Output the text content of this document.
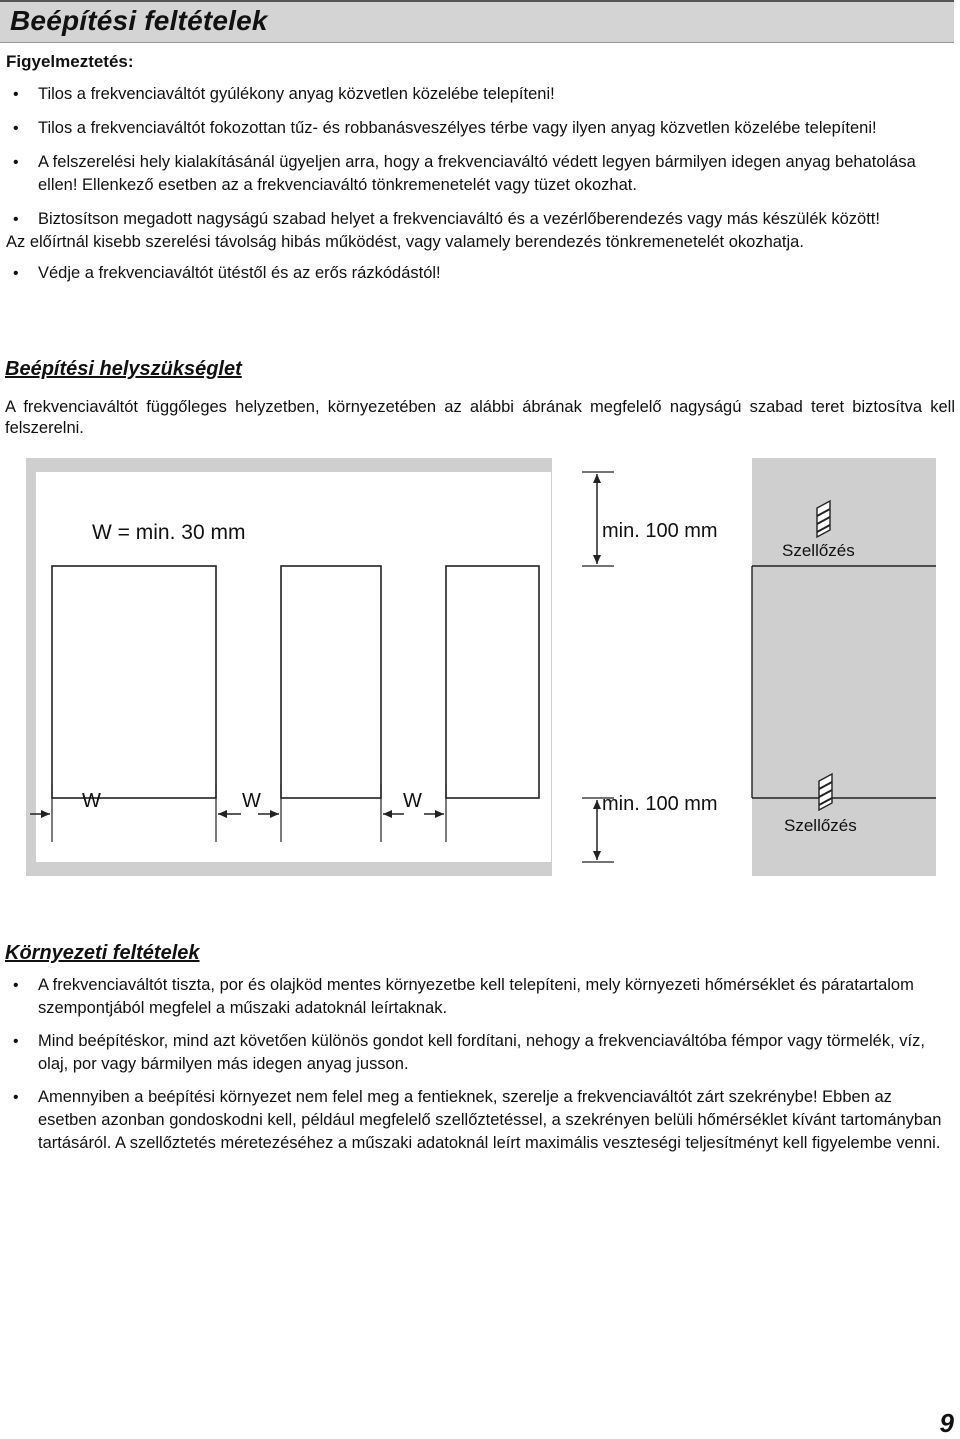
Beépítési feltételek
Figyelmeztetés:
• Tilos a frekvenciaváltót gyúlékony anyag közvetlen közelébe telepíteni!
• Tilos a frekvenciaváltót fokozottan tűz- és robbanásveszélyes térbe vagy ilyen anyag közvetlen közelébe telepíteni!
• A felszerelési hely kialakításánál ügyeljen arra, hogy a frekvenciaváltó védett legyen bármilyen idegen anyag behatolása ellen! Ellenkező esetben az a frekvenciaváltó tönkremenetelét vagy tüzet okozhat.
• Biztosítson megadott nagyságú szabad helyet a frekvenciaváltó és a vezérlőberendezés vagy más készülék között!
Az előírtnál kisebb szerelési távolság hibás működést, vagy valamely berendezés tönkremenetelét okozhatja.
• Védje a frekvenciaváltót ütéstől és az erős rázkódástól!
Beépítési helyszükséglet

A frekvenciaváltót függőleges helyzetben, környezetében az alábbi ábrának megfelelő nagyságú szabad teret biztosítva kell felszerelni.

W = min. 30 mm	min. 100 mm
min. 100 mm
W	W	W
Szellőzés
Szellőzés
Környezeti feltételek
• A frekvenciaváltót tiszta, por és olajköd mentes környezetbe kell telepíteni, mely környezeti hőmérséklet és páratartalom szempontjából megfelel a műszaki adatoknál leírtaknak.
• Mind beépítéskor, mind azt követően különös gondot kell fordítani, nehogy a frekvenciaváltóba fémpor vagy törmelék, víz, olaj, por vagy bármilyen más idegen anyag jusson.
• Amennyiben a beépítési környezet nem felel meg a fentieknek, szerelje a frekvenciaváltót zárt szekrénybe! Ebben az esetben azonban gondoskodni kell, például megfelelő szellőztetéssel, a szekrényen belüli hőmérséklet kívánt tartományban tartásáról. A szellőztetés méretezéséhez a műszaki adatoknál leírt maximális veszteségi teljesítményt kell figyelembe venni.
9
